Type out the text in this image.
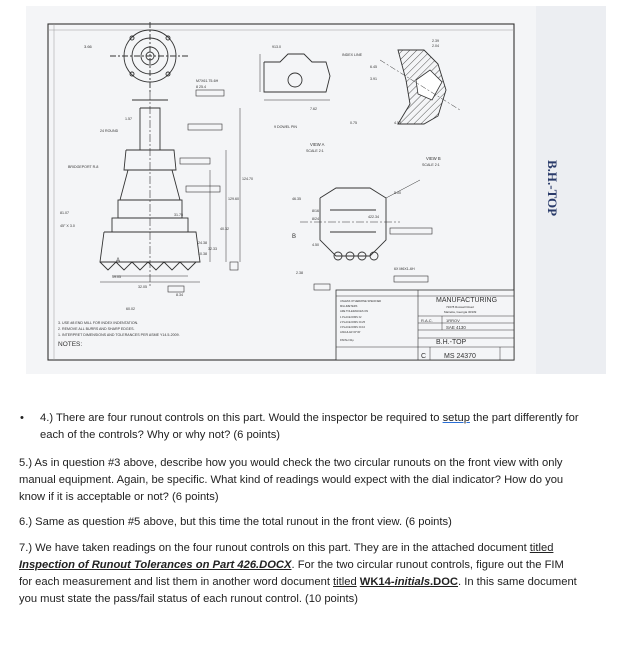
B.H.-TOP
3.66
M7X61.75-6H
8 25.4
1.57
24 ROUND
BRIDGEPORT R-8
124.70
129.60
81.07
45° X 3.0
31.75
40.32
24.38
32.33
10.38
19.05
32.05
8.34
60.02
A
913.0
INDEX LINE
7.62
9 DOWEL PIN
VIEW A
SCALE 2:1
2.39
2.04
6.45
3.91
0.75	4.57
VIEW B
SCALE 2:1
46.35
5.00
422.34
6X M6X1-6H
2.38
8/16
8/24
4.50
B
3. USE #8 END MILL FOR INDEX INDENTATION.
2. REMOVE ALL BURRS AND SHARP EDGES.
1. INTERPRET DIMENSIONS AND TOLERANCES PER ASME Y14.5-2009.
NOTES:
UNLESS OTHERWISE SPECIFIED
MILLIMETERS
ARE TOLERANCES ON
1 PLACE DIMS ±2
2 PLACE DIMS ±0.25
3 PLACE DIMS ±0.10
ANGULAR ±0°30'
FINISH 32µ
MANUFACTURING
72078 Roswell Road
Marietta, Georgia 30339
R.A.C.	1RROV
SAE 4130
B.H.-TOP
C	MS 24370
• 4.) There are four runout controls on this part. Would the inspector be required to setup the part differently for each of the controls? Why or why not? (6 points)
5.) As in question #3 above, describe how you would check the two circular runouts on the front view with only manual equipment. Again, be specific. What kind of readings would expect with the dial indicator? How do you know if it is acceptable or not? (6 points)
6.) Same as question #5 above, but this time the total runout in the front view. (6 points)
7.) We have taken readings on the four runout controls on this part. They are in the attached document titled Inspection of Runout Tolerances on Part 426.DOCX. For the two circular runout controls, figure out the FIM for each measurement and list them in another word document titled WK14-initials.DOC. In this same document you must state the pass/fail status of each runout control. (10 points)
